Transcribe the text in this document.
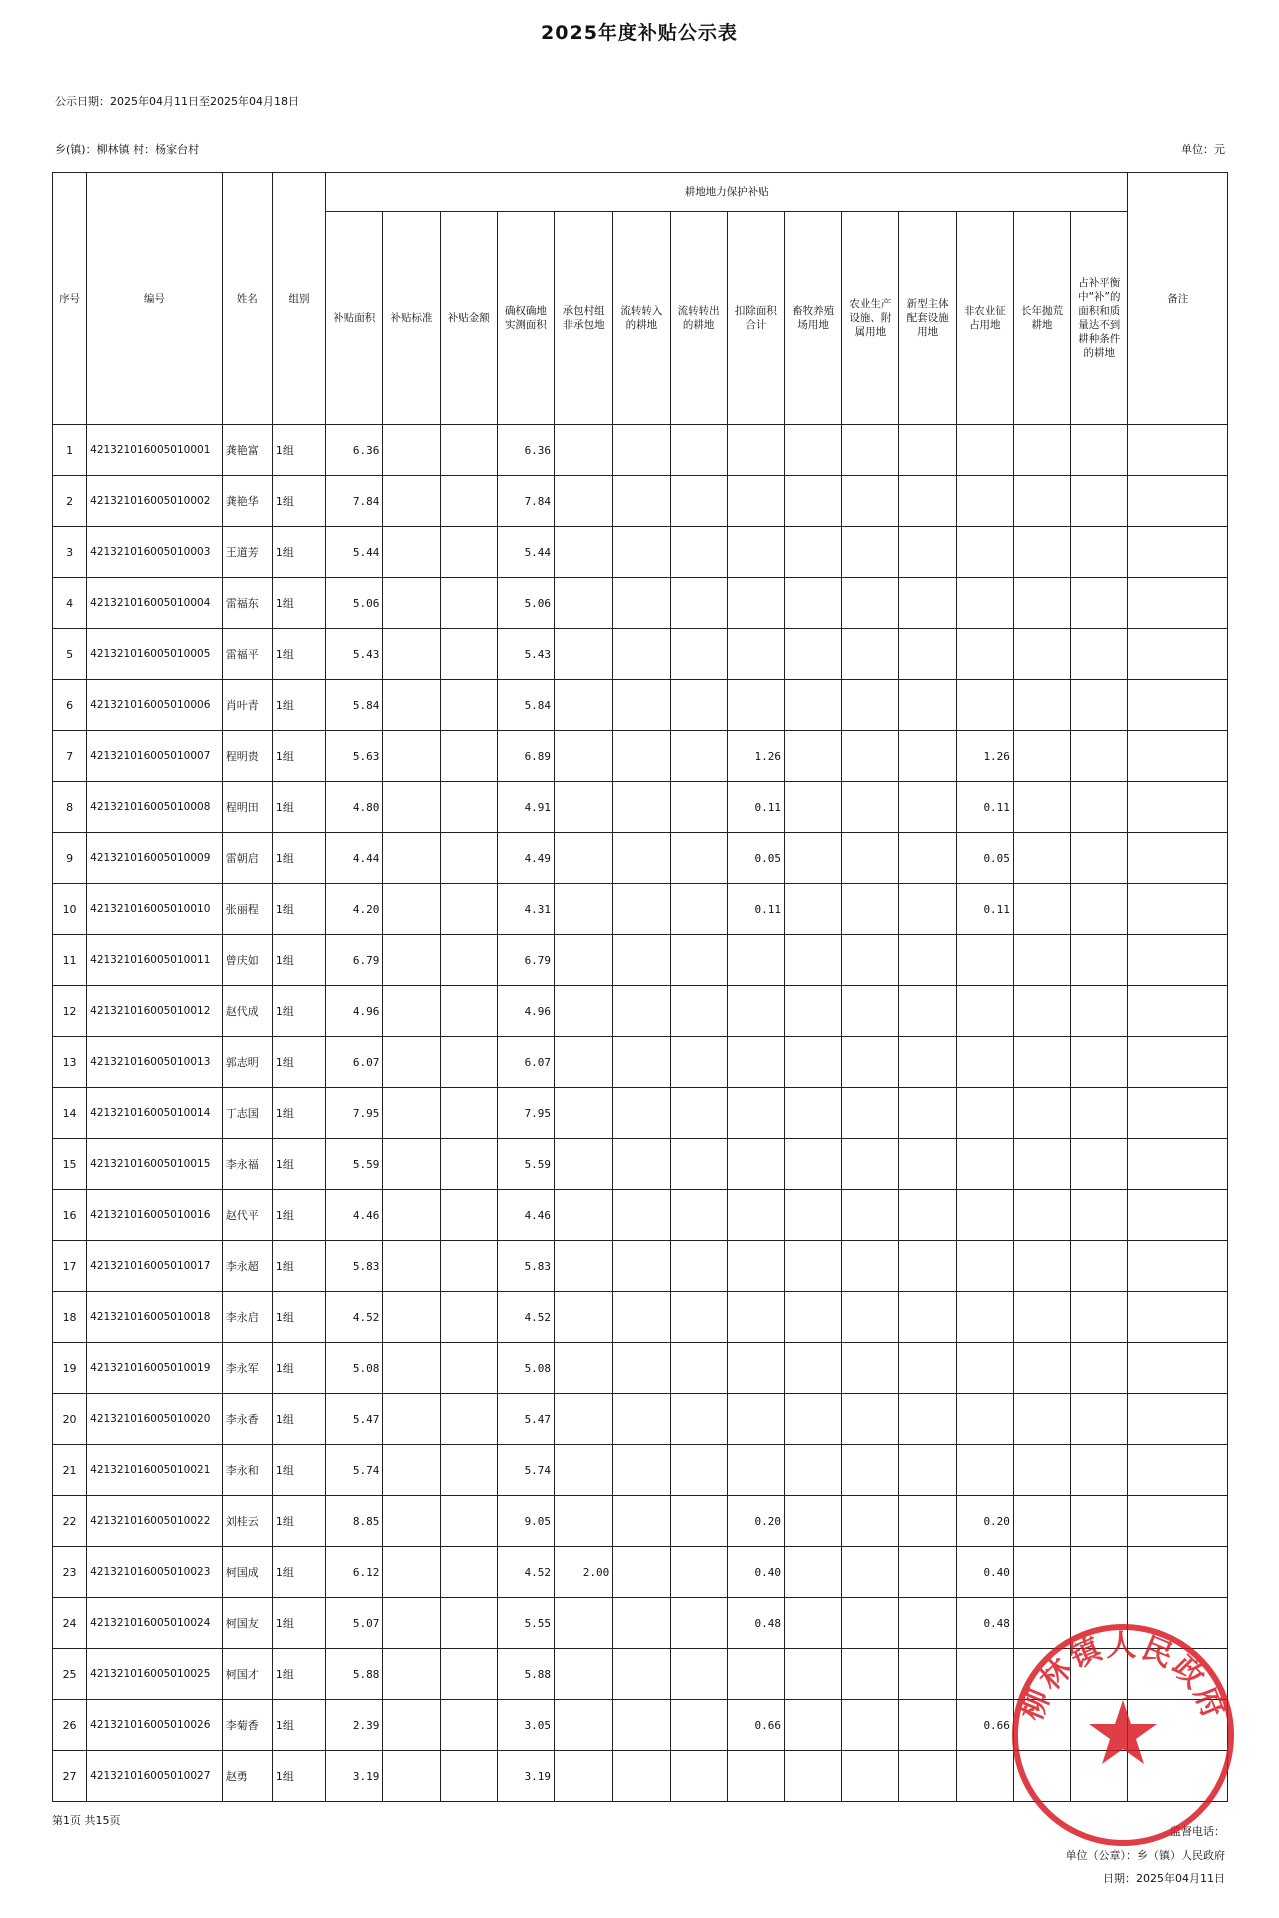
2025年度补贴公示表
公示日期：2025年04月11日至2025年04月18日
乡(镇)：柳林镇 村：杨家台村	单位：元
序号	编号	姓名	组别	耕地地力保护补贴														备注
				补贴面积	补贴标准	补贴金额	确权确地实测面积	承包村组非承包地	流转转入的耕地	流转转出的耕地	扣除面积合计	畜牧养殖场用地	农业生产设施、附属用地	新型主体配套设施用地	非农业征占用地	长年抛荒耕地	占补平衡中“补”的面积和质量达不到耕种条件的耕地	
1	421321016005010001	龚艳富	1组	6.36			6.36											
2	421321016005010002	龚艳华	1组	7.84			7.84											
3	421321016005010003	王道芳	1组	5.44			5.44											
4	421321016005010004	雷福东	1组	5.06			5.06											
5	421321016005010005	雷福平	1组	5.43			5.43											
6	421321016005010006	肖叶青	1组	5.84			5.84											
7	421321016005010007	程明贵	1组	5.63			6.89				1.26				1.26			
8	421321016005010008	程明田	1组	4.80			4.91				0.11				0.11			
9	421321016005010009	雷朝启	1组	4.44			4.49				0.05				0.05			
10	421321016005010010	张丽程	1组	4.20			4.31				0.11				0.11			
11	421321016005010011	曾庆如	1组	6.79			6.79											
12	421321016005010012	赵代成	1组	4.96			4.96											
13	421321016005010013	郭志明	1组	6.07			6.07											
14	421321016005010014	丁志国	1组	7.95			7.95											
15	421321016005010015	李永福	1组	5.59			5.59											
16	421321016005010016	赵代平	1组	4.46			4.46											
17	421321016005010017	李永超	1组	5.83			5.83											
18	421321016005010018	李永启	1组	4.52			4.52											
19	421321016005010019	李永军	1组	5.08			5.08											
20	421321016005010020	李永香	1组	5.47			5.47											
21	421321016005010021	李永和	1组	5.74			5.74											
22	421321016005010022	刘桂云	1组	8.85			9.05				0.20				0.20			
23	421321016005010023	柯国成	1组	6.12			4.52	2.00			0.40				0.40			
24	421321016005010024	柯国友	1组	5.07			5.55				0.48				0.48			
25	421321016005010025	柯国才	1组	5.88			5.88											
26	421321016005010026	李菊香	1组	2.39			3.05				0.66				0.66			
27	421321016005010027	赵勇	1组	3.19			3.19											
第1页 共15页
监督电话：
单位（公章）：乡（镇）人民政府
日期：2025年04月11日
柳林镇人民政府
